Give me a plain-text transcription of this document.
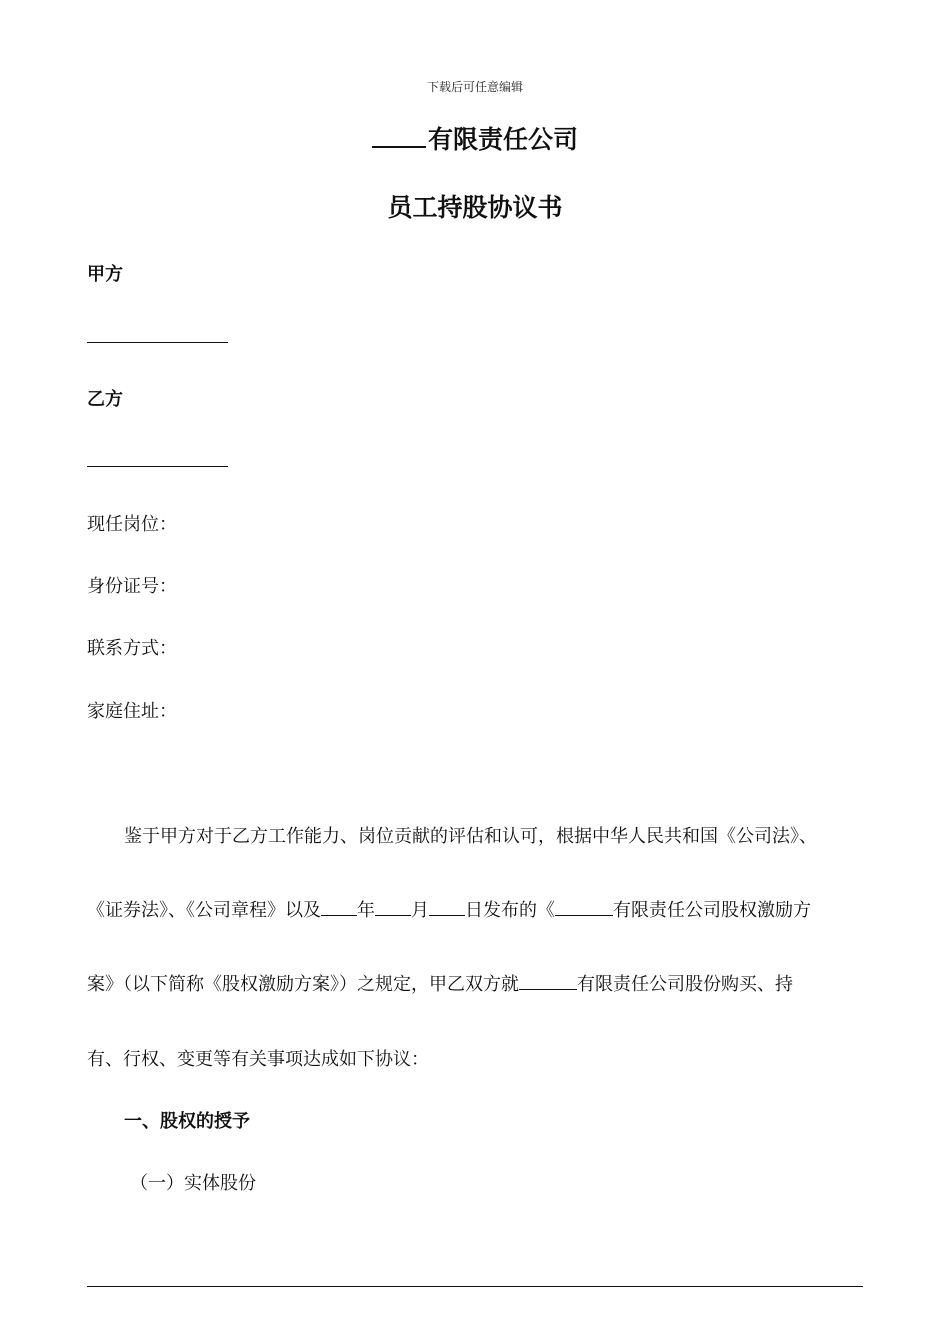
下载后可任意编辑
有限责任公司
员工持股协议书
甲方
乙方
现任岗位：
身份证号：
联系方式：
家庭住址：
鉴于甲方对于乙方工作能力、岗位贡献的评估和认可，根据中华人民共和国《公司法》、
《证券法》、《公司章程》以及 年 月 日发布的《	有限责任公司股权激励方
案》（以下简称《股权激励方案》）之规定，甲乙双方就	有限责任公司股份购买、持
有、行权、变更等有关事项达成如下协议：
一、股权的授予
（一）实体股份
